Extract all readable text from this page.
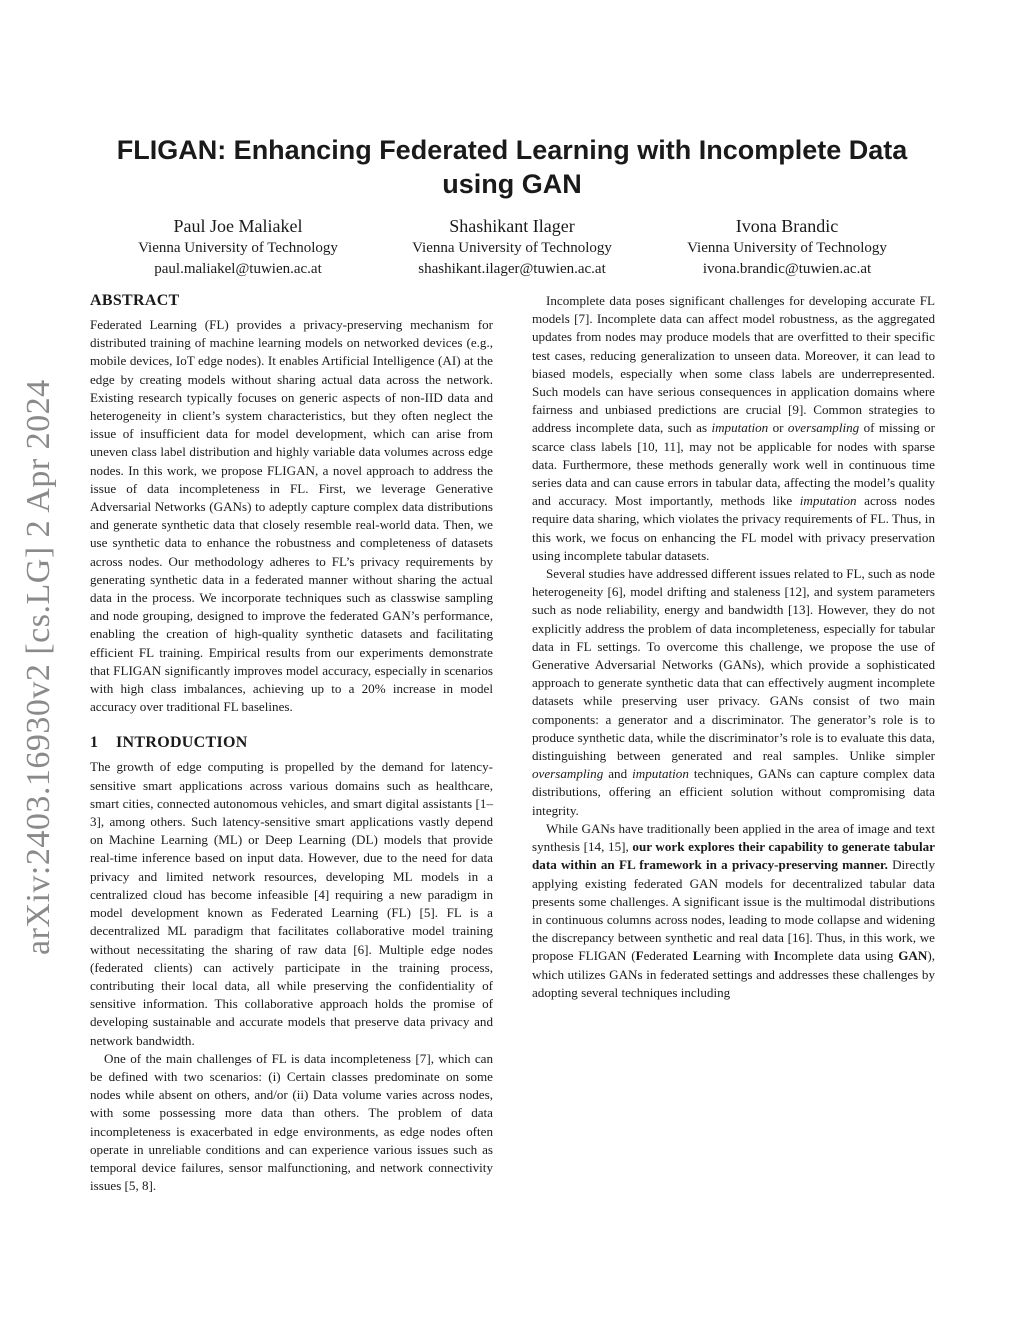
arXiv:2403.16930v2 [cs.LG] 2 Apr 2024
FLIGAN: Enhancing Federated Learning with Incomplete Data using GAN
Paul Joe Maliakel
Vienna University of Technology
paul.maliakel@tuwien.ac.at
Shashikant Ilager
Vienna University of Technology
shashikant.ilager@tuwien.ac.at
Ivona Brandic
Vienna University of Technology
ivona.brandic@tuwien.ac.at
ABSTRACT

Federated Learning (FL) provides a privacy-preserving mechanism for distributed training of machine learning models on networked devices (e.g., mobile devices, IoT edge nodes). It enables Artificial Intelligence (AI) at the edge by creating models without sharing actual data across the network. Existing research typically focuses on generic aspects of non-IID data and heterogeneity in client’s system characteristics, but they often neglect the issue of insufficient data for model development, which can arise from uneven class label distribution and highly variable data volumes across edge nodes. In this work, we propose FLIGAN, a novel approach to address the issue of data incompleteness in FL. First, we leverage Generative Adversarial Networks (GANs) to adeptly capture complex data distributions and generate synthetic data that closely resemble real-world data. Then, we use synthetic data to enhance the robustness and completeness of datasets across nodes. Our methodology adheres to FL’s privacy requirements by generating synthetic data in a federated manner without sharing the actual data in the process. We incorporate techniques such as classwise sampling and node grouping, designed to improve the federated GAN’s performance, enabling the creation of high-quality synthetic datasets and facilitating efficient FL training. Empirical results from our experiments demonstrate that FLIGAN significantly improves model accuracy, especially in scenarios with high class imbalances, achieving up to a 20% increase in model accuracy over traditional FL baselines.

1 INTRODUCTION

The growth of edge computing is propelled by the demand for latency-sensitive smart applications across various domains such as healthcare, smart cities, connected autonomous vehicles, and smart digital assistants [1–3], among others. Such latency-sensitive smart applications vastly depend on Machine Learning (ML) or Deep Learning (DL) models that provide real-time inference based on input data. However, due to the need for data privacy and limited network resources, developing ML models in a centralized cloud has become infeasible [4] requiring a new paradigm in model development known as Federated Learning (FL) [5]. FL is a decentralized ML paradigm that facilitates collaborative model training without necessitating the sharing of raw data [6]. Multiple edge nodes (federated clients) can actively participate in the training process, contributing their local data, all while preserving the confidentiality of sensitive information. This collaborative approach holds the promise of developing sustainable and accurate models that preserve data privacy and network bandwidth.

One of the main challenges of FL is data incompleteness [7], which can be defined with two scenarios: (i) Certain classes predominate on some nodes while absent on others, and/or (ii) Data volume varies across nodes, with some possessing more data than others. The problem of data incompleteness is exacerbated in edge environments, as edge nodes often operate in unreliable conditions and can experience various issues such as temporal device failures, sensor malfunctioning, and network connectivity issues [5, 8].

Incomplete data poses significant challenges for developing accurate FL models [7]. Incomplete data can affect model robustness, as the aggregated updates from nodes may produce models that are overfitted to their specific test cases, reducing generalization to unseen data. Moreover, it can lead to biased models, especially when some class labels are underrepresented. Such models can have serious consequences in application domains where fairness and unbiased predictions are crucial [9]. Common strategies to address incomplete data, such as imputation or oversampling of missing or scarce class labels [10, 11], may not be applicable for nodes with sparse data. Furthermore, these methods generally work well in continuous time series data and can cause errors in tabular data, affecting the model’s quality and accuracy. Most importantly, methods like imputation across nodes require data sharing, which violates the privacy requirements of FL. Thus, in this work, we focus on enhancing the FL model with privacy preservation using incomplete tabular datasets.

Several studies have addressed different issues related to FL, such as node heterogeneity [6], model drifting and staleness [12], and system parameters such as node reliability, energy and bandwidth [13]. However, they do not explicitly address the problem of data incompleteness, especially for tabular data in FL settings. To overcome this challenge, we propose the use of Generative Adversarial Networks (GANs), which provide a sophisticated approach to generate synthetic data that can effectively augment incomplete datasets while preserving user privacy. GANs consist of two main components: a generator and a discriminator. The generator’s role is to produce synthetic data, while the discriminator’s role is to evaluate this data, distinguishing between generated and real samples. Unlike simpler oversampling and imputation techniques, GANs can capture complex data distributions, offering an efficient solution without compromising data integrity.

While GANs have traditionally been applied in the area of image and text synthesis [14, 15], our work explores their capability to generate tabular data within an FL framework in a privacy-preserving manner. Directly applying existing federated GAN models for decentralized tabular data presents some challenges. A significant issue is the multimodal distributions in continuous columns across nodes, leading to mode collapse and widening the discrepancy between synthetic and real data [16]. Thus, in this work, we propose FLIGAN (Federated Learning with Incomplete data using GAN), which utilizes GANs in federated settings and addresses these challenges by adopting several techniques including
